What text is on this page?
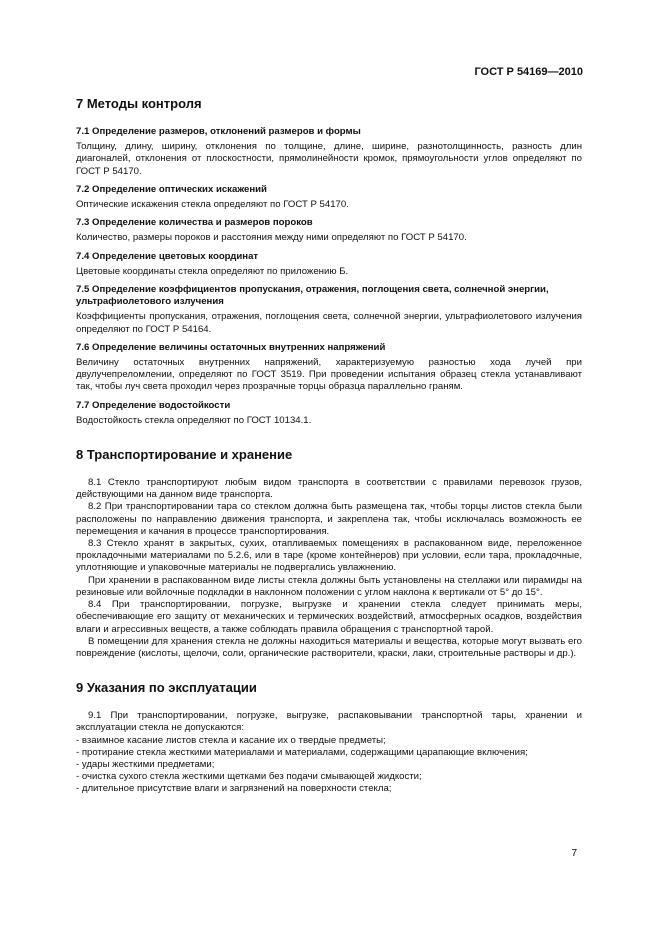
ГОСТ Р 54169—2010
7 Методы контроля
7.1 Определение размеров, отклонений размеров и формы

Толщину, длину, ширину, отклонения по толщине, длине, ширине, разнотолщинность, разность длин диагоналей, отклонения от плоскостности, прямолинейности кромок, прямоугольности углов определяют по ГОСТ Р 54170.

7.2 Определение оптических искажений

Оптические искажения стекла определяют по ГОСТ Р 54170.

7.3 Определение количества и размеров пороков

Количество, размеры пороков и расстояния между ними определяют по ГОСТ Р 54170.

7.4 Определение цветовых координат

Цветовые координаты стекла определяют по приложению Б.

7.5 Определение коэффициентов пропускания, отражения, поглощения света, солнечной энергии, ультрафиолетового излучения

Коэффициенты пропускания, отражения, поглощения света, солнечной энергии, ультрафиолетового излучения определяют по ГОСТ Р 54164.

7.6 Определение величины остаточных внутренних напряжений

Величину остаточных внутренних напряжений, характеризуемую разностью хода лучей при двулучепреломлении, определяют по ГОСТ 3519. При проведении испытания образец стекла устанавливают так, чтобы луч света проходил через прозрачные торцы образца параллельно граням.

7.7 Определение водостойкости

Водостойкость стекла определяют по ГОСТ 10134.1.

8 Транспортирование и хранение

8.1 Стекло транспортируют любым видом транспорта в соответствии с правилами перевозок грузов, действующими на данном виде транспорта.

8.2 При транспортировании тара со стеклом должна быть размещена так, чтобы торцы листов стекла были расположены по направлению движения транспорта, и закреплена так, чтобы исключалась возможность ее перемещения и качания в процессе транспортирования.

8.3 Стекло хранят в закрытых, сухих, отапливаемых помещениях в распакованном виде, переложенное прокладочными материалами по 5.2.6, или в таре (кроме контейнеров) при условии, если тара, прокладочные, уплотняющие и упаковочные материалы не подвергались увлажнению.

При хранении в распакованном виде листы стекла должны быть установлены на стеллажи или пирамиды на резиновые или войлочные подкладки в наклонном положении с углом наклона к вертикали от 5° до 15°.

8.4 При транспортировании, погрузке, выгрузке и хранении стекла следует принимать меры, обеспечивающие его защиту от механических и термических воздействий, атмосферных осадков, воздействия влаги и агрессивных веществ, а также соблюдать правила обращения с транспортной тарой.

В помещении для хранения стекла не должны находиться материалы и вещества, которые могут вызвать его повреждение (кислоты, щелочи, соли, органические растворители, краски, лаки, строительные растворы и др.).

9 Указания по эксплуатации

9.1 При транспортировании, погрузке, выгрузке, распаковывании транспортной тары, хранении и эксплуатации стекла не допускаются:

- взаимное касание листов стекла и касание их о твердые предметы;

- протирание стекла жесткими материалами и материалами, содержащими царапающие включения;

- удары жесткими предметами;

- очистка сухого стекла жесткими щетками без подачи смывающей жидкости;

- длительное присутствие влаги и загрязнений на поверхности стекла;

7
